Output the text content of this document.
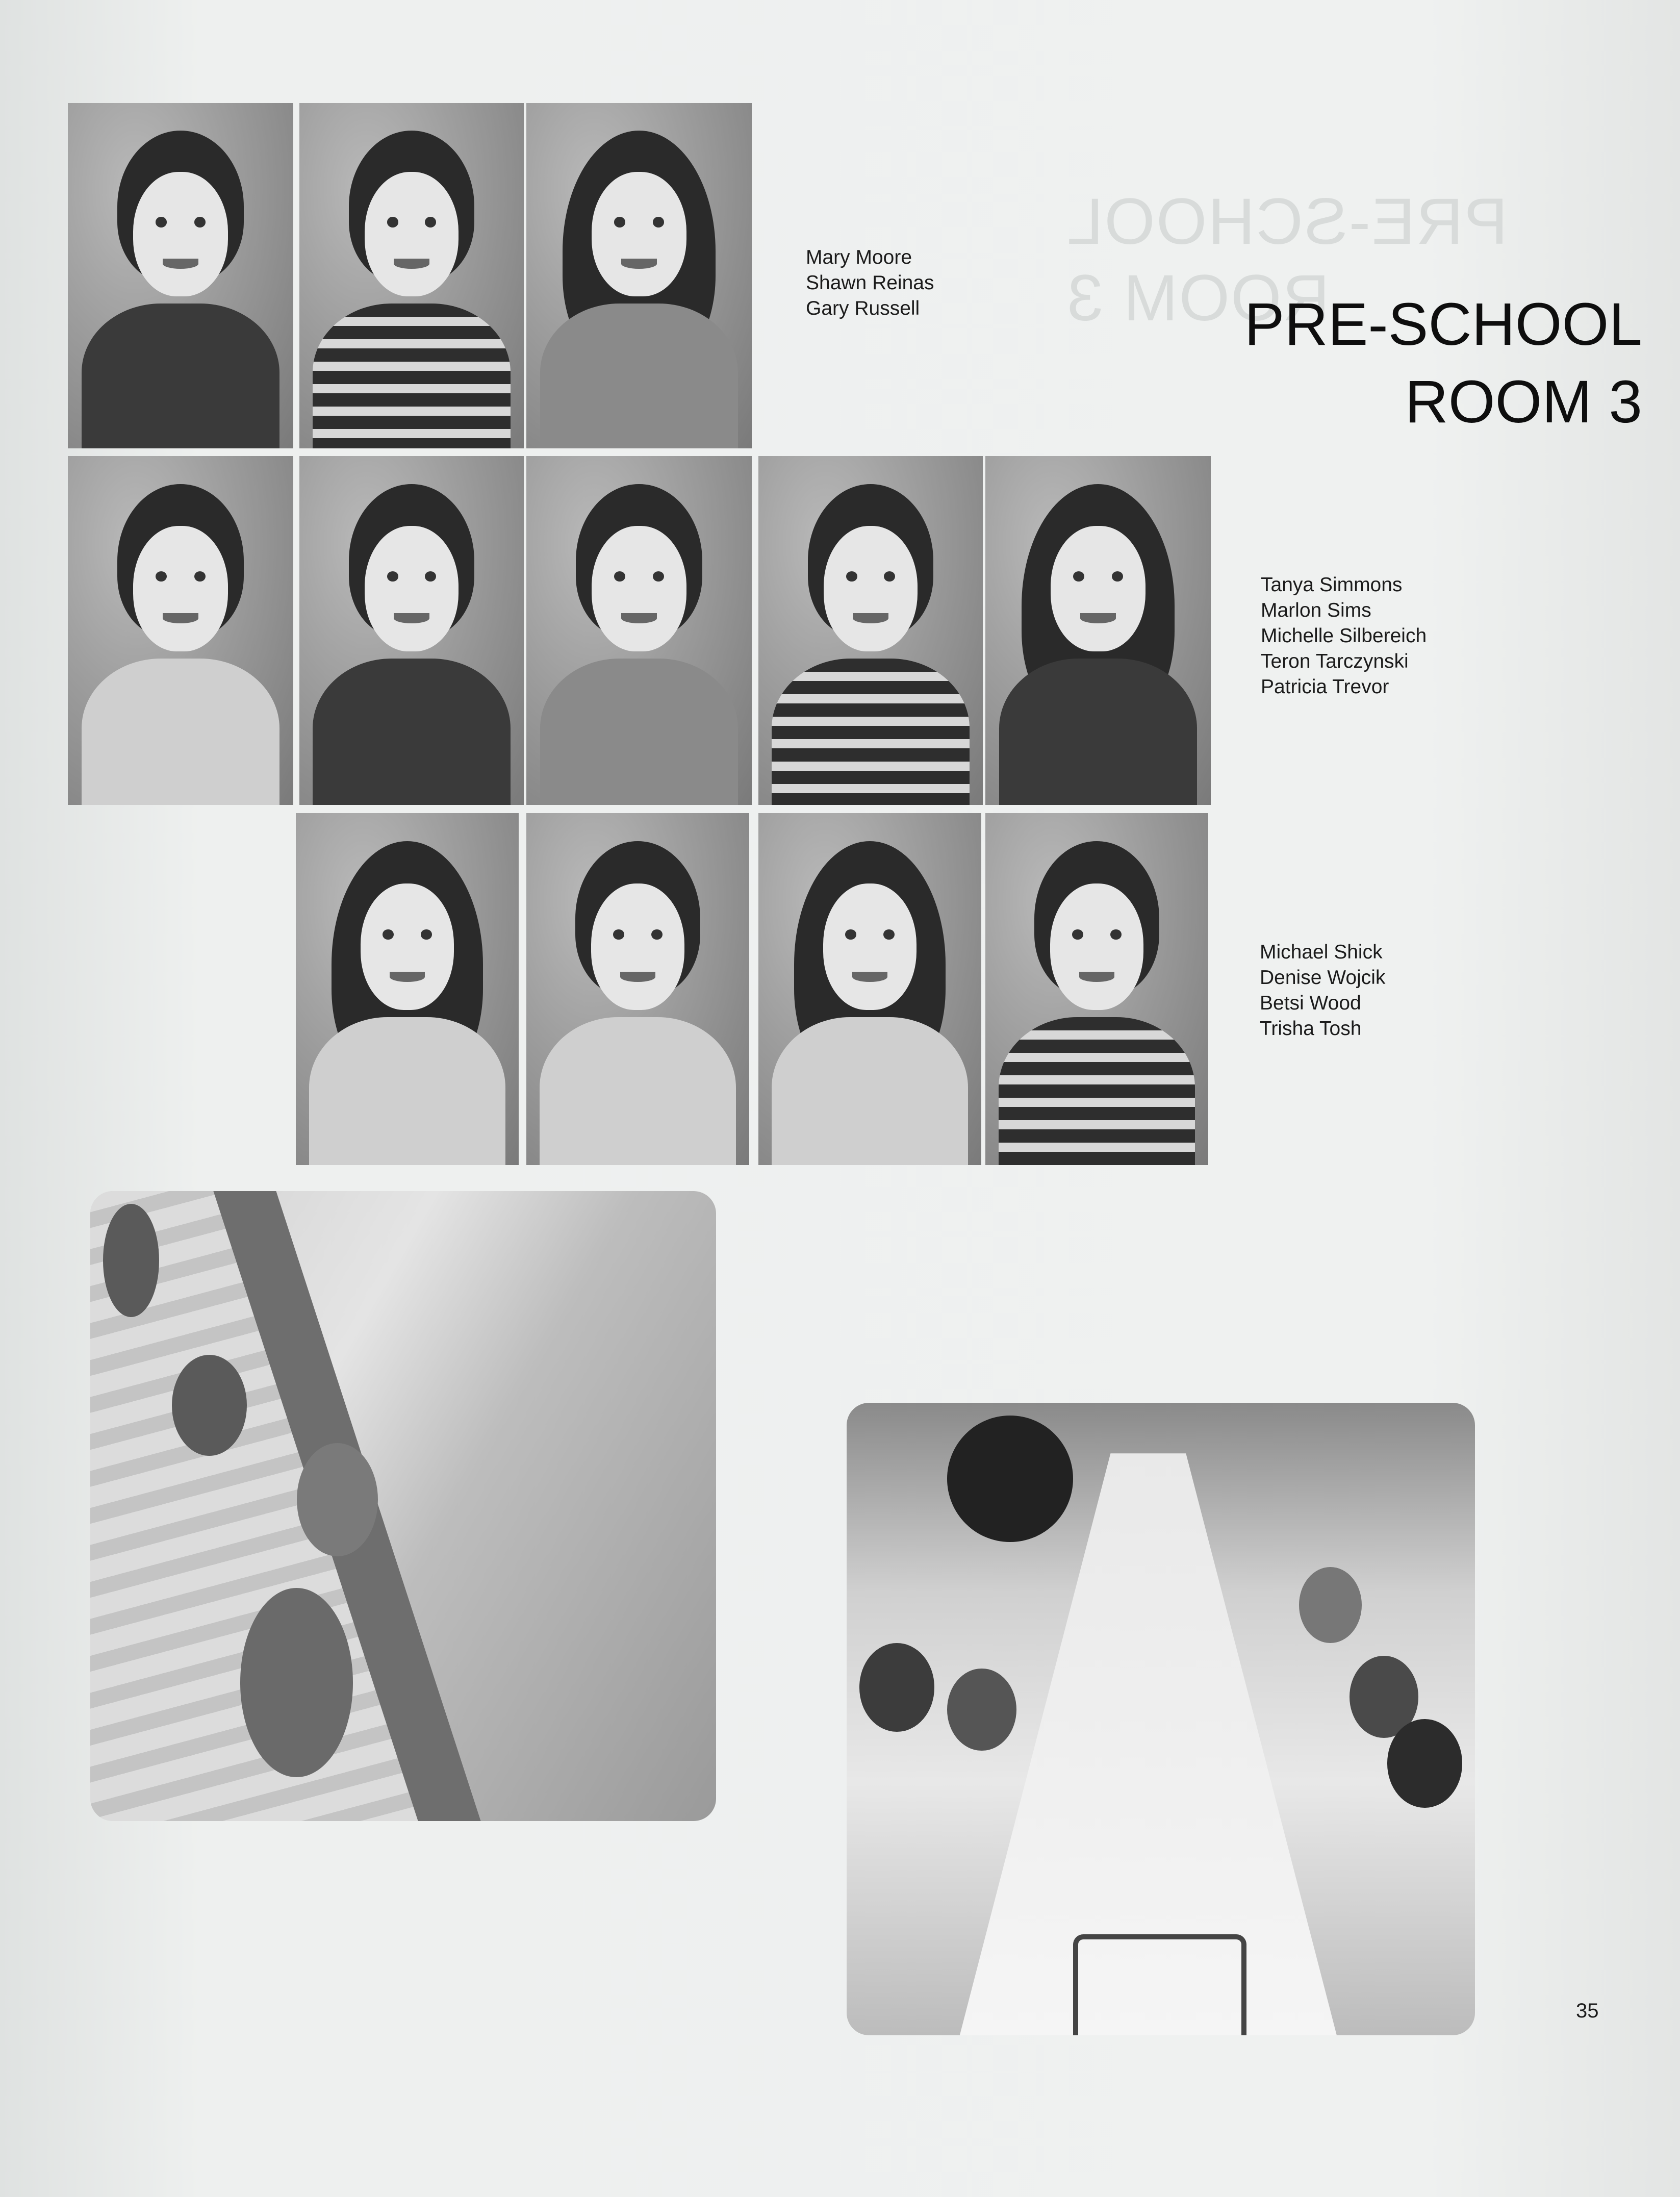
PRE-SCHOOL
ROOM 3
PRE-SCHOOL
ROOM 3
Mary Moore
Shawn Reinas
Gary Russell
Tanya Simmons
Marlon Sims
Michelle Silbereich
Teron Tarczynski
Patricia Trevor
Michael Shick
Denise Wojcik
Betsi Wood
Trisha Tosh
35
